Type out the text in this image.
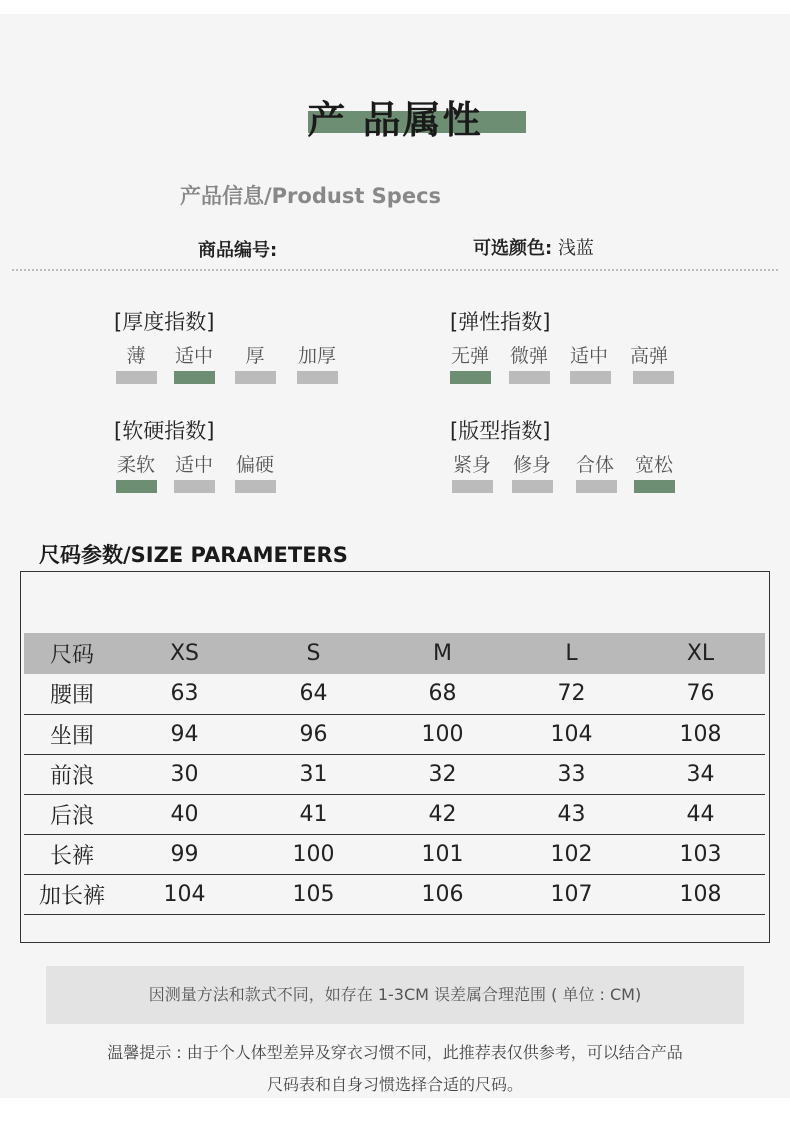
产 品属性
产品信息/Produst Specs
商品编号:	可选颜色: 浅蓝
[厚度指数]
薄	适中	厚	加厚
[弹性指数]
无弹	微弹	适中	高弹
[软硬指数]
柔软	适中	偏硬
[版型指数]
紧身	修身	合体	宽松
尺码参数/SIZE PARAMETERS
尺码	XS	S	M	L	XL
腰围	63	64	68	72	76
坐围	94	96	100	104	108
前浪	30	31	32	33	34
后浪	40	41	42	43	44
长裤	99	100	101	102	103
加长裤	104	105	106	107	108
因测量方法和款式不同，如存在 1-3CM 误差属合理范围 ( 单位 : CM)
温馨提示 : 由于个人体型差异及穿衣习惯不同，此推荐表仅供参考，可以结合产品
尺码表和自身习惯选择合适的尺码。
